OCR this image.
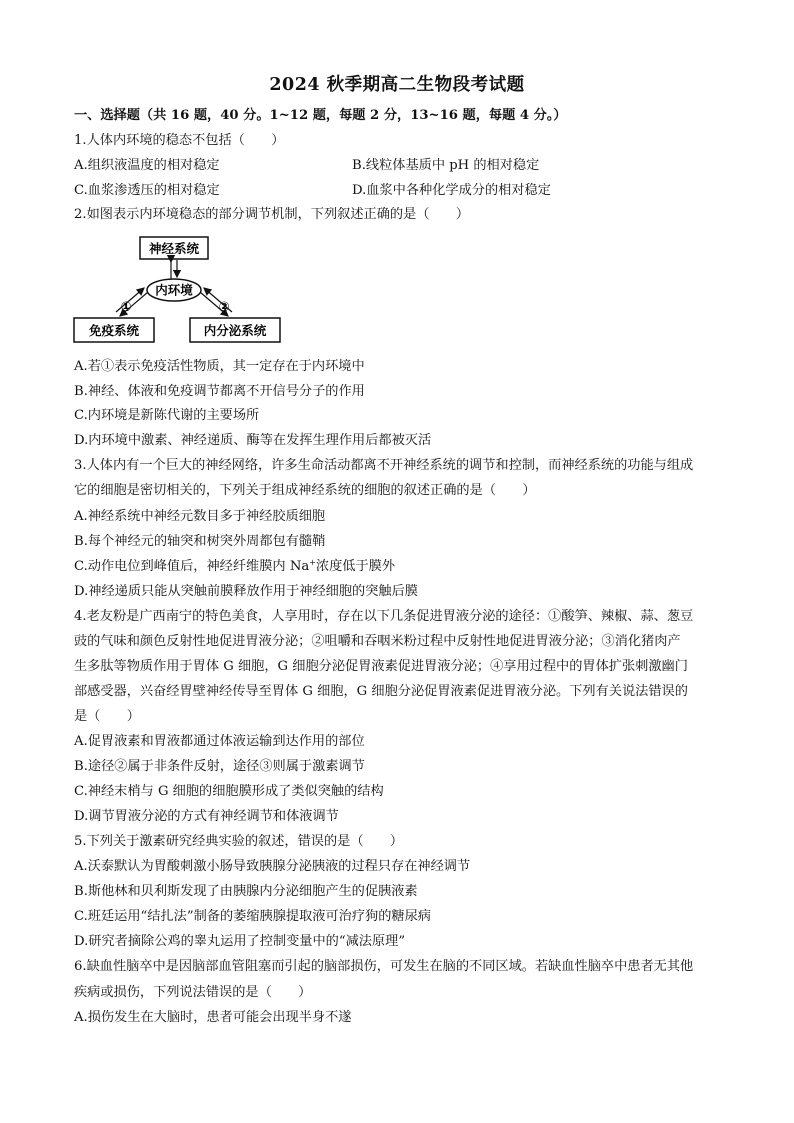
2024 秋季期高二生物段考试题
一、选择题（共 16 题，40 分。1~12 题，每题 2 分，13~16 题，每题 4 分。）
1.人体内环境的稳态不包括（　　）
A.组织液温度的相对稳定	B.线粒体基质中 pH 的相对稳定
C.血浆渗透压的相对稳定	D.血浆中各种化学成分的相对稳定
2.如图表示内环境稳态的部分调节机制，下列叙述正确的是（　　）
神经系统
内环境
①	②
免疫系统	内分泌系统
A.若①表示免疫活性物质，其一定存在于内环境中
B.神经、体液和免疫调节都离不开信号分子的作用
C.内环境是新陈代谢的主要场所
D.内环境中激素、神经递质、酶等在发挥生理作用后都被灭活
3.人体内有一个巨大的神经网络，许多生命活动都离不开神经系统的调节和控制，而神经系统的功能与组成
它的细胞是密切相关的，下列关于组成神经系统的细胞的叙述正确的是（　　）
A.神经系统中神经元数目多于神经胶质细胞
B.每个神经元的轴突和树突外周都包有髓鞘
C.动作电位到峰值后，神经纤维膜内 Na+浓度低于膜外
D.神经递质只能从突触前膜释放作用于神经细胞的突触后膜
4.老友粉是广西南宁的特色美食，人享用时，存在以下几条促进胃液分泌的途径：①酸笋、辣椒、蒜、葱豆
豉的气味和颜色反射性地促进胃液分泌；②咀嚼和吞咽米粉过程中反射性地促进胃液分泌；③消化猪肉产
生多肽等物质作用于胃体 G 细胞，G 细胞分泌促胃液素促进胃液分泌；④享用过程中的胃体扩张刺激幽门
部感受器，兴奋经胃壁神经传导至胃体 G 细胞，G 细胞分泌促胃液素促进胃液分泌。下列有关说法错误的
是（　　）
A.促胃液素和胃液都通过体液运输到达作用的部位
B.途径②属于非条件反射，途径③则属于激素调节
C.神经末梢与 G 细胞的细胞膜形成了类似突触的结构
D.调节胃液分泌的方式有神经调节和体液调节
5.下列关于激素研究经典实验的叙述，错误的是（　　）
A.沃泰默认为胃酸刺激小肠导致胰腺分泌胰液的过程只存在神经调节
B.斯他林和贝利斯发现了由胰腺内分泌细胞产生的促胰液素
C.班廷运用“结扎法”制备的萎缩胰腺提取液可治疗狗的糖尿病
D.研究者摘除公鸡的睾丸运用了控制变量中的“减法原理”
6.缺血性脑卒中是因脑部血管阻塞而引起的脑部损伤，可发生在脑的不同区域。若缺血性脑卒中患者无其他
疾病或损伤，下列说法错误的是（　　）
A.损伤发生在大脑时，患者可能会出现半身不遂
